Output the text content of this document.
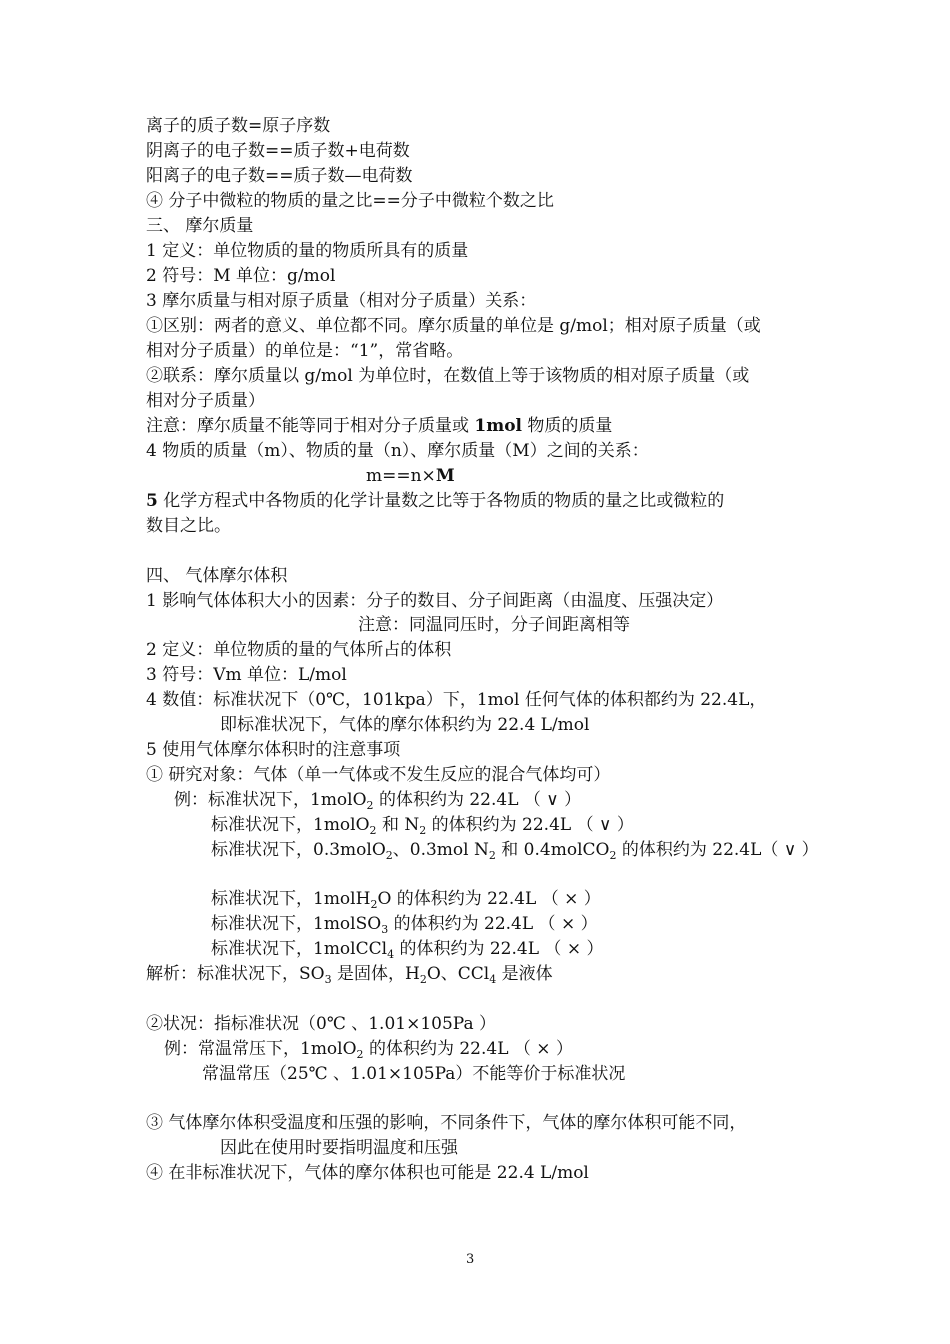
离子的质子数=原子序数
阴离子的电子数==质子数+电荷数
阳离子的电子数==质子数—电荷数
④ 分子中微粒的物质的量之比==分子中微粒个数之比
三、 摩尔质量
1 定义：单位物质的量的物质所具有的质量
2 符号：M 单位：g/mol
3 摩尔质量与相对原子质量（相对分子质量）关系：
①区别：两者的意义、单位都不同。摩尔质量的单位是 g/mol；相对原子质量（或
相对分子质量）的单位是：“1”，常省略。
②联系：摩尔质量以 g/mol 为单位时，在数值上等于该物质的相对原子质量（或
相对分子质量）
注意：摩尔质量不能等同于相对分子质量或 1mol 物质的质量
4 物质的质量（m）、物质的量（n）、摩尔质量（M）之间的关系：
m==n×M
5 化学方程式中各物质的化学计量数之比等于各物质的物质的量之比或微粒的
数目之比。
四、 气体摩尔体积
1 影响气体体积大小的因素：分子的数目、分子间距离（由温度、压强决定）
注意：同温同压时，分子间距离相等
2 定义：单位物质的量的气体所占的体积
3 符号：Vm 单位：L/mol
4 数值：标准状况下（0℃，101kpa）下，1mol 任何气体的体积都约为 22.4L，
即标准状况下，气体的摩尔体积约为 22.4 L/mol
5 使用气体摩尔体积时的注意事项
① 研究对象：气体（单一气体或不发生反应的混合气体均可）
例：标准状况下，1molO$_2$ 的体积约为 22.4L （ ∨ ）
标准状况下，1molO$_2$ 和 $N_2$ 的体积约为 22.4L （ ∨ ）
标准状况下，0.3molO$_2$、0.3mol $N_2$ 和 0.4molCO$_2$ 的体积约为 22.4L（ ∨ ）
标准状况下，1molH$_2$O 的体积约为 22.4L （ × ）
标准状况下，1molSO$_3$ 的体积约为 22.4L （ × ）
标准状况下，1molCCl$_4$ 的体积约为 22.4L （ × ）
解析：标准状况下，$SO_3$ 是固体，$H_2O$、CCl$_4$ 是液体
②状况：指标准状况（0℃ 、1.01×105Pa ）
例：常温常压下，1molO$_2$ 的体积约为 22.4L （ × ）
常温常压（25℃ 、1.01×105Pa）不能等价于标准状况
③ 气体摩尔体积受温度和压强的影响，不同条件下，气体的摩尔体积可能不同，
因此在使用时要指明温度和压强
④ 在非标准状况下，气体的摩尔体积也可能是 22.4 L/mol
3
